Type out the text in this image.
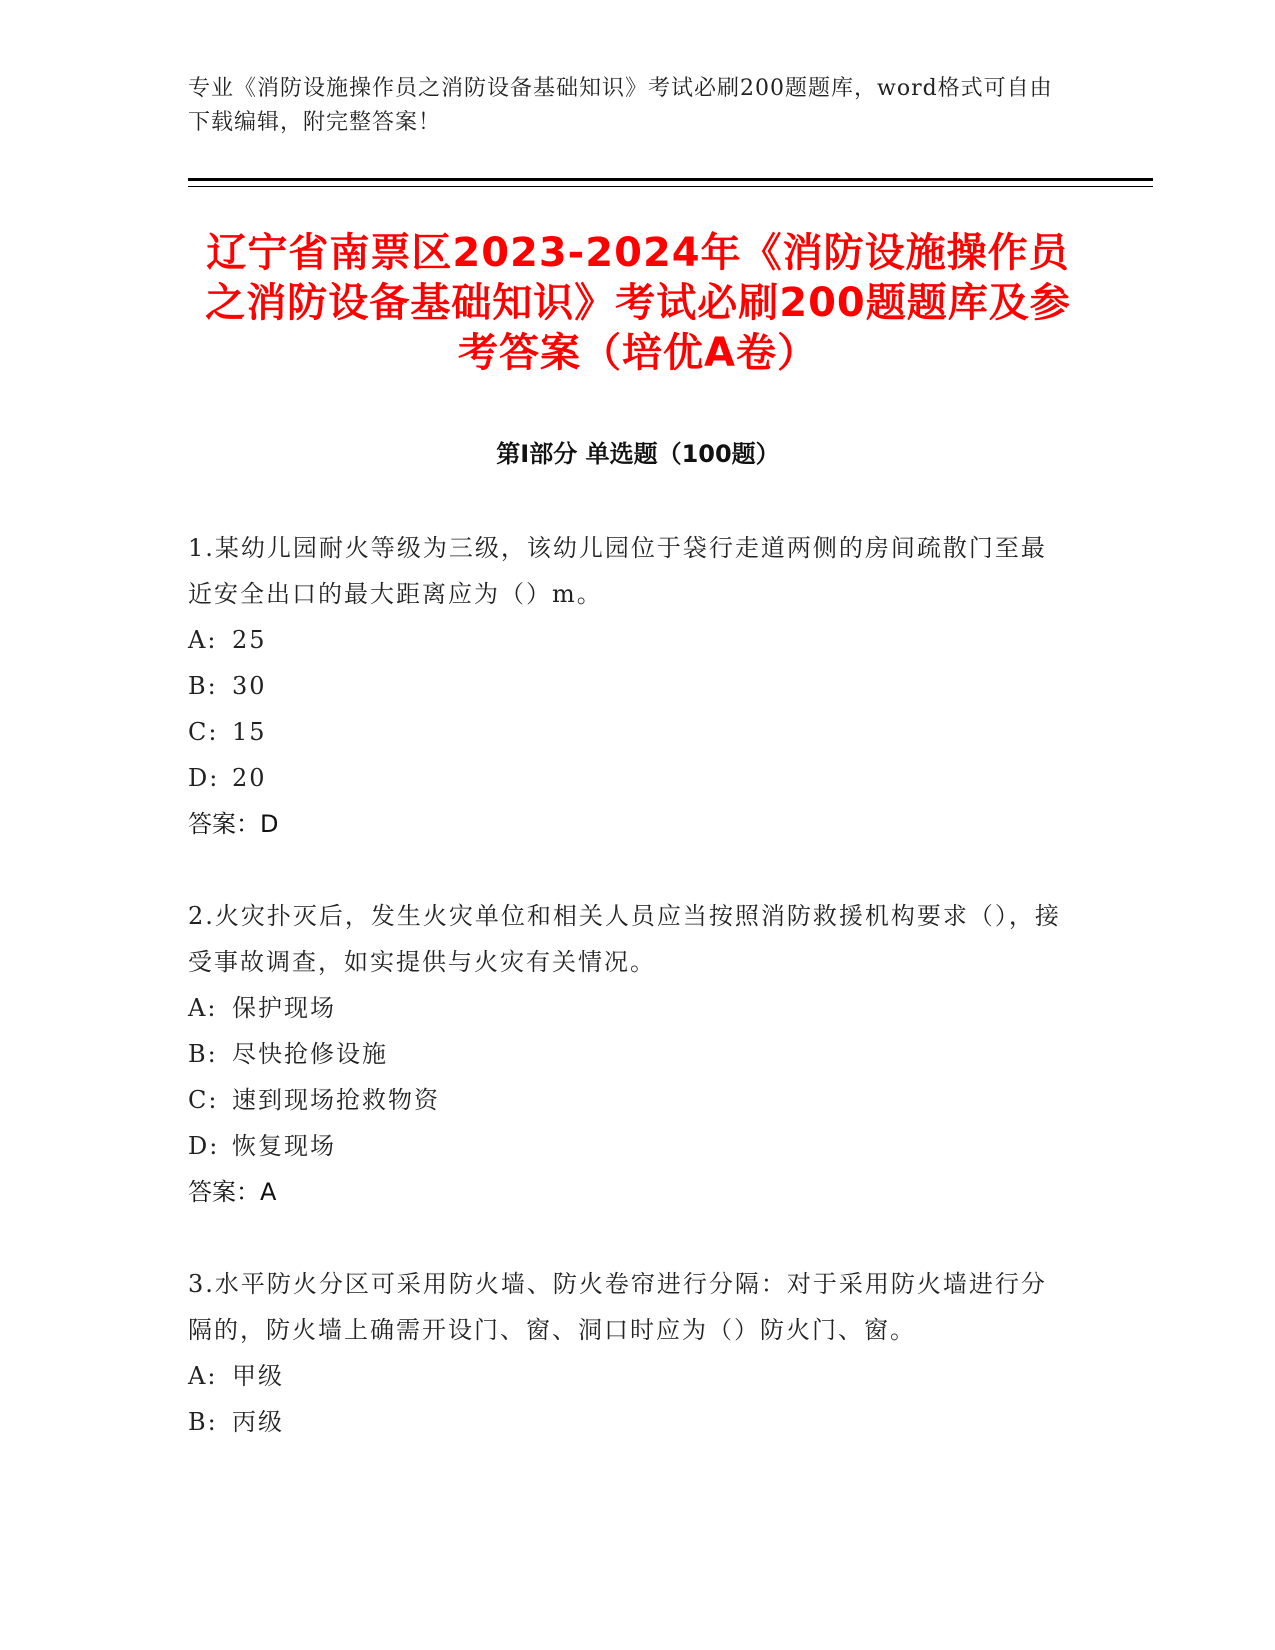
专业《消防设施操作员之消防设备基础知识》考试必刷200题题库，word格式可自由下载编辑，附完整答案！
辽宁省南票区2023-2024年《消防设施操作员之消防设备基础知识》考试必刷200题题库及参考答案（培优A卷）
第Ⅰ部分 单选题（100题）
1.某幼儿园耐火等级为三级，该幼儿园位于袋行走道两侧的房间疏散门至最近安全出口的最大距离应为（）m。
A: 25
B: 30
C: 15
D: 20
答案：D
2.火灾扑灭后，发生火灾单位和相关人员应当按照消防救援机构要求（），接受事故调查，如实提供与火灾有关情况。
A: 保护现场
B: 尽快抢修设施
C: 速到现场抢救物资
D: 恢复现场
答案：A
3.水平防火分区可采用防火墙、防火卷帘进行分隔：对于采用防火墙进行分隔的，防火墙上确需开设门、窗、洞口时应为（）防火门、窗。
A: 甲级
B: 丙级
